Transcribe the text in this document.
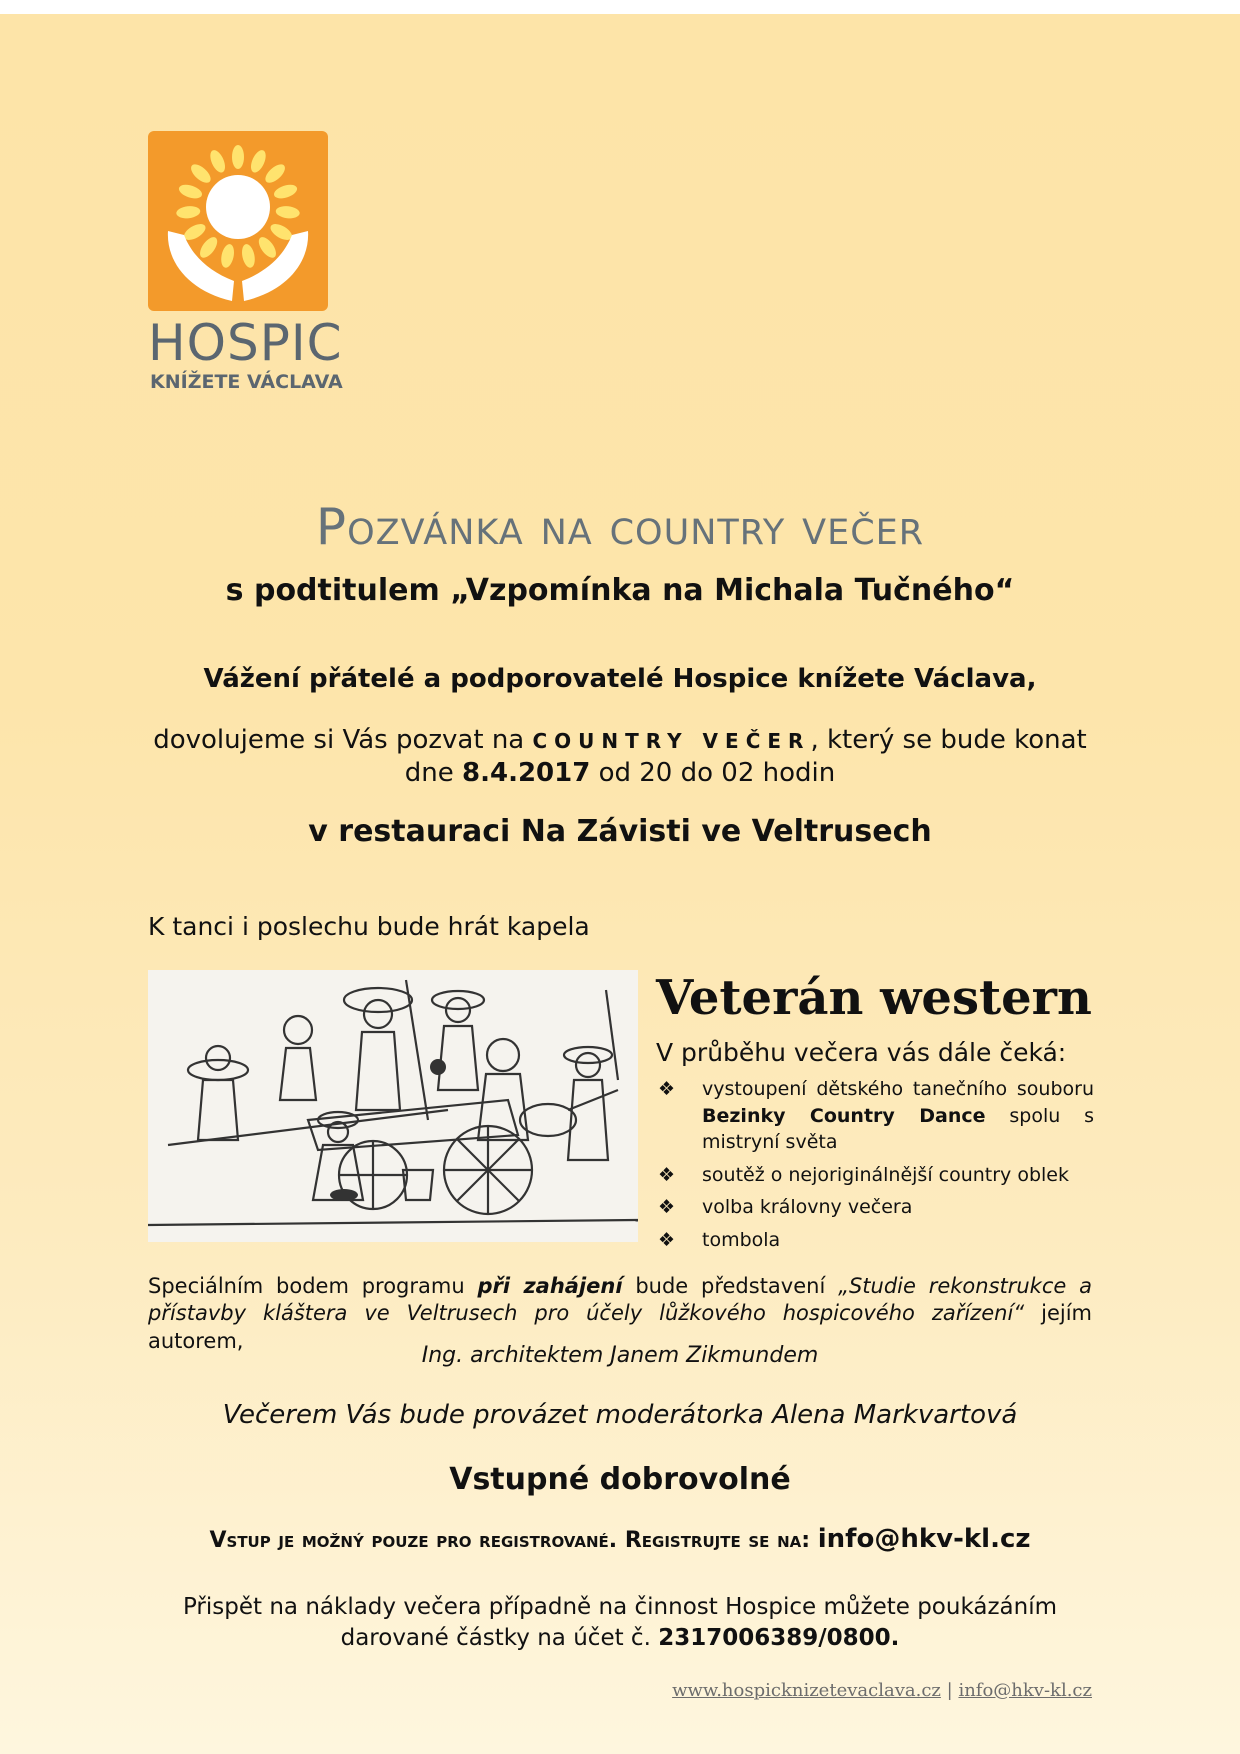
HOSPIC
KNÍŽETE VÁCLAVA
Pozvánka na country večer
s podtitulem „Vzpomínka na Michala Tučného“
Vážení přátelé a podporovatelé Hospice knížete Václava,
dovolujeme si Vás pozvat na COUNTRY VEČER, který se bude konat
dne 8.4.2017 od 20 do 02 hodin
v restauraci Na Závisti ve Veltrusech
K tanci i poslechu bude hrát kapela
Veterán western
V průběhu večera vás dále čeká:
❖ vystoupení dětského tanečního souboru Bezinky Country Dance spolu s mistryní světa
❖ soutěž o nejoriginálnější country oblek
❖ volba královny večera
❖ tombola
Speciálním bodem programu při zahájení bude představení „Studie rekonstrukce a přístavby kláštera ve Veltrusech pro účely lůžkového hospicového zařízení“ jejím autorem,
Ing. architektem Janem Zikmundem
Večerem Vás bude provázet moderátorka Alena Markvartová
Vstupné dobrovolné
Vstup je možný pouze pro registrované. Registrujte se na: info@hkv-kl.cz
Přispět na náklady večera případně na činnost Hospice můžete poukázáním
darované částky na účet č. 2317006389/0800.
www.hospicknizetevaclava.cz | info@hkv-kl.cz
